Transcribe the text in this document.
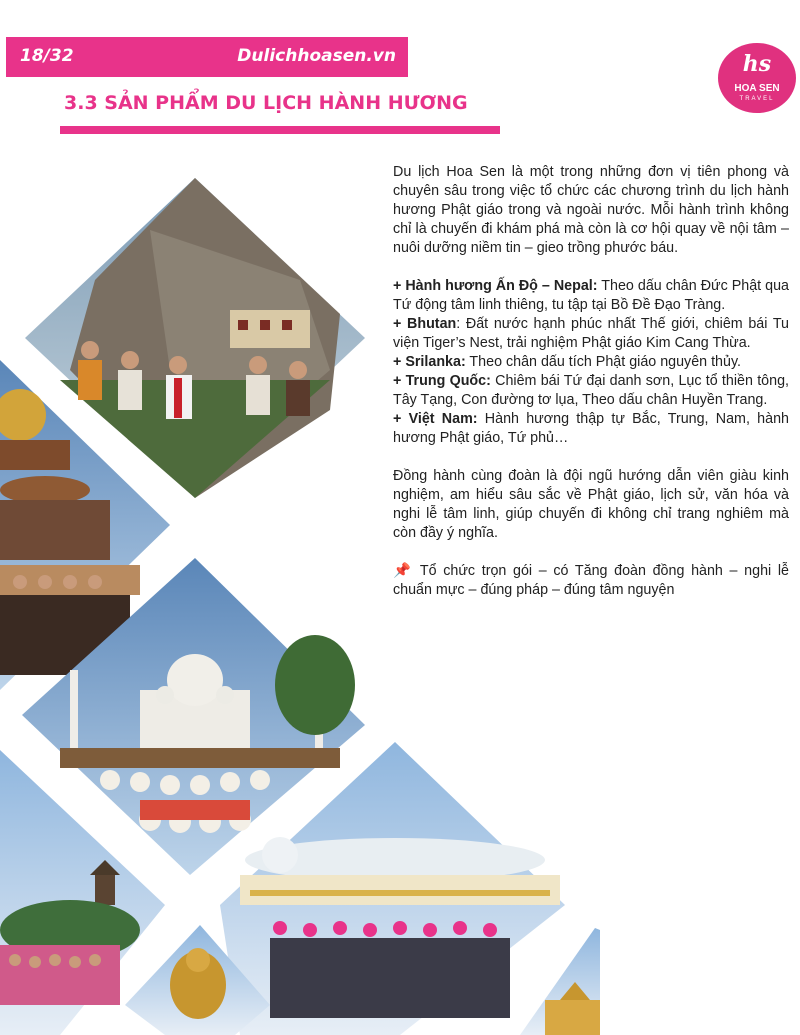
18/32	Dulichhoasen.vn
3.3 SẢN PHẨM DU LỊCH HÀNH HƯƠNG
hs
HOA SEN
TRAVEL

Du lịch Hoa Sen là một trong những đơn vị tiên phong và chuyên sâu trong việc tổ chức các chương trình du lịch hành hương Phật giáo trong và ngoài nước. Mỗi hành trình không chỉ là chuyến đi khám phá mà còn là cơ hội quay về nội tâm – nuôi dưỡng niềm tin – gieo trồng phước báu.

+ Hành hương Ấn Độ – Nepal: Theo dấu chân Đức Phật qua Tứ động tâm linh thiêng, tu tập tại Bồ Đề Đạo Tràng.

+ Bhutan: Đất nước hạnh phúc nhất Thế giới, chiêm bái Tu viện Tiger’s Nest, trải nghiệm Phật giáo Kim Cang Thừa.

+ Srilanka: Theo chân dấu tích Phật giáo nguyên thủy.

+ Trung Quốc: Chiêm bái Tứ đại danh sơn, Lục tổ thiền tông, Tây Tạng, Con đường tơ lụa, Theo dấu chân Huyền Trang.

+ Việt Nam: Hành hương thập tự Bắc, Trung, Nam, hành hương Phật giáo, Tứ phủ…

Đồng hành cùng đoàn là đội ngũ hướng dẫn viên giàu kinh nghiệm, am hiểu sâu sắc về Phật giáo, lịch sử, văn hóa và nghi lễ tâm linh, giúp chuyến đi không chỉ trang nghiêm mà còn đầy ý nghĩa.

📌 Tổ chức trọn gói – có Tăng đoàn đồng hành – nghi lễ chuẩn mực – đúng pháp – đúng tâm nguyện

Du Lịch Hoa Sen
